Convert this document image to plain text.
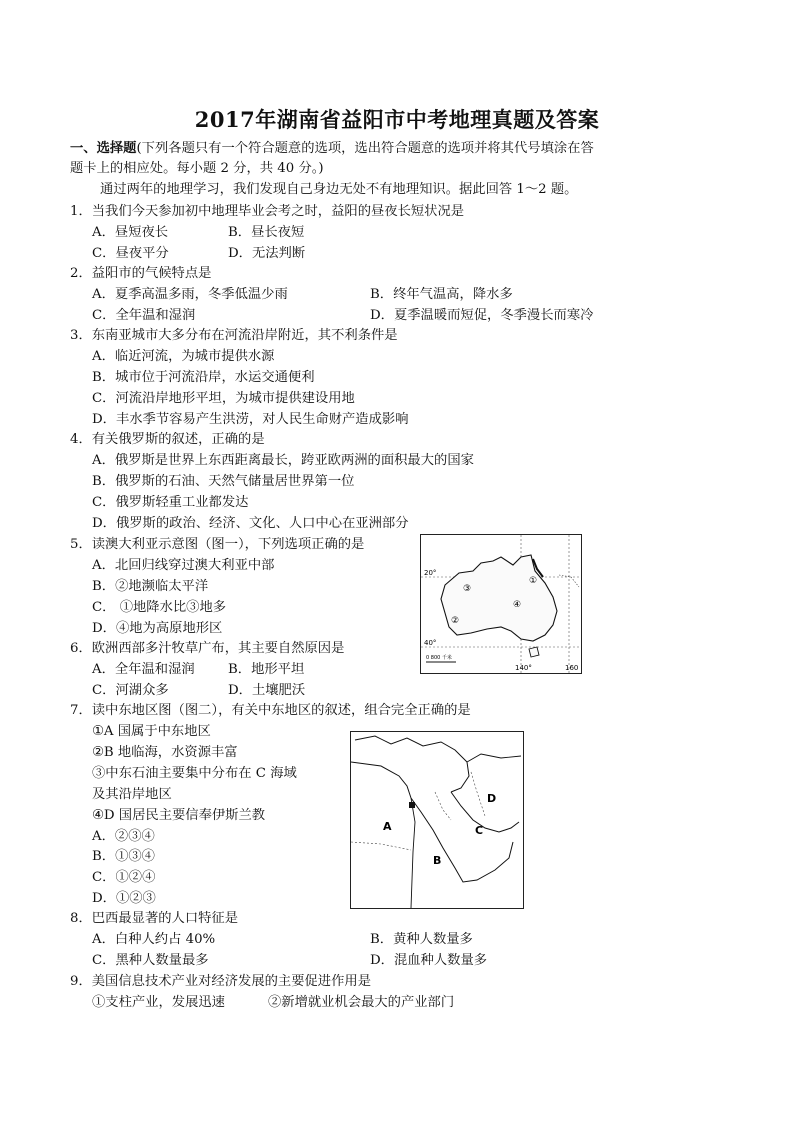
2017年湖南省益阳市中考地理真题及答案
一、选择题(下列各题只有一个符合题意的选项，选出符合题意的选项并将其代号填涂在答
题卡上的相应处。每小题 2 分，共 40 分。)
通过两年的地理学习，我们发现自己身边无处不有地理知识。据此回答 1～2 题。
1．当我们今天参加初中地理毕业会考之时，益阳的昼夜长短状况是
A．昼短夜长	B．昼长夜短
C．昼夜平分	D．无法判断
2．益阳市的气候特点是
A．夏季高温多雨，冬季低温少雨	B．终年气温高，降水多
C．全年温和湿润	D．夏季温暖而短促，冬季漫长而寒冷
3．东南亚城市大多分布在河流沿岸附近，其不利条件是
A．临近河流，为城市提供水源
B．城市位于河流沿岸，水运交通便利
C．河流沿岸地形平坦，为城市提供建设用地
D．丰水季节容易产生洪涝，对人民生命财产造成影响
4．有关俄罗斯的叙述，正确的是
A．俄罗斯是世界上东西距离最长，跨亚欧两洲的面积最大的国家
B．俄罗斯的石油、天然气储量居世界第一位
C．俄罗斯轻重工业都发达
D．俄罗斯的政治、经济、文化、人口中心在亚洲部分
5．读澳大利亚示意图（图一），下列选项正确的是
A．北回归线穿过澳大利亚中部
B．②地濒临太平洋
C． ①地降水比③地多
D．④地为高原地形区
20°
40°
140°	160
①
②
③
④
0 800 千米
6．欧洲西部多汁牧草广布，其主要自然原因是
A．全年温和湿润	B．地形平坦
C．河湖众多	D．土壤肥沃
7．读中东地区图（图二），有关中东地区的叙述，组合完全正确的是
①A 国属于中东地区
②B 地临海，水资源丰富
③中东石油主要集中分布在 C 海域
及其沿岸地区
④D 国居民主要信奉伊斯兰教
A．②③④
B．①③④
C．①②④
D．①②③
A
B
C
D
8．巴西最显著的人口特征是
A．白种人约占 40%	B．黄种人数量多
C．黑种人数量最多	D．混血种人数量多
9．美国信息技术产业对经济发展的主要促进作用是
①支柱产业，发展迅速	②新增就业机会最大的产业部门
